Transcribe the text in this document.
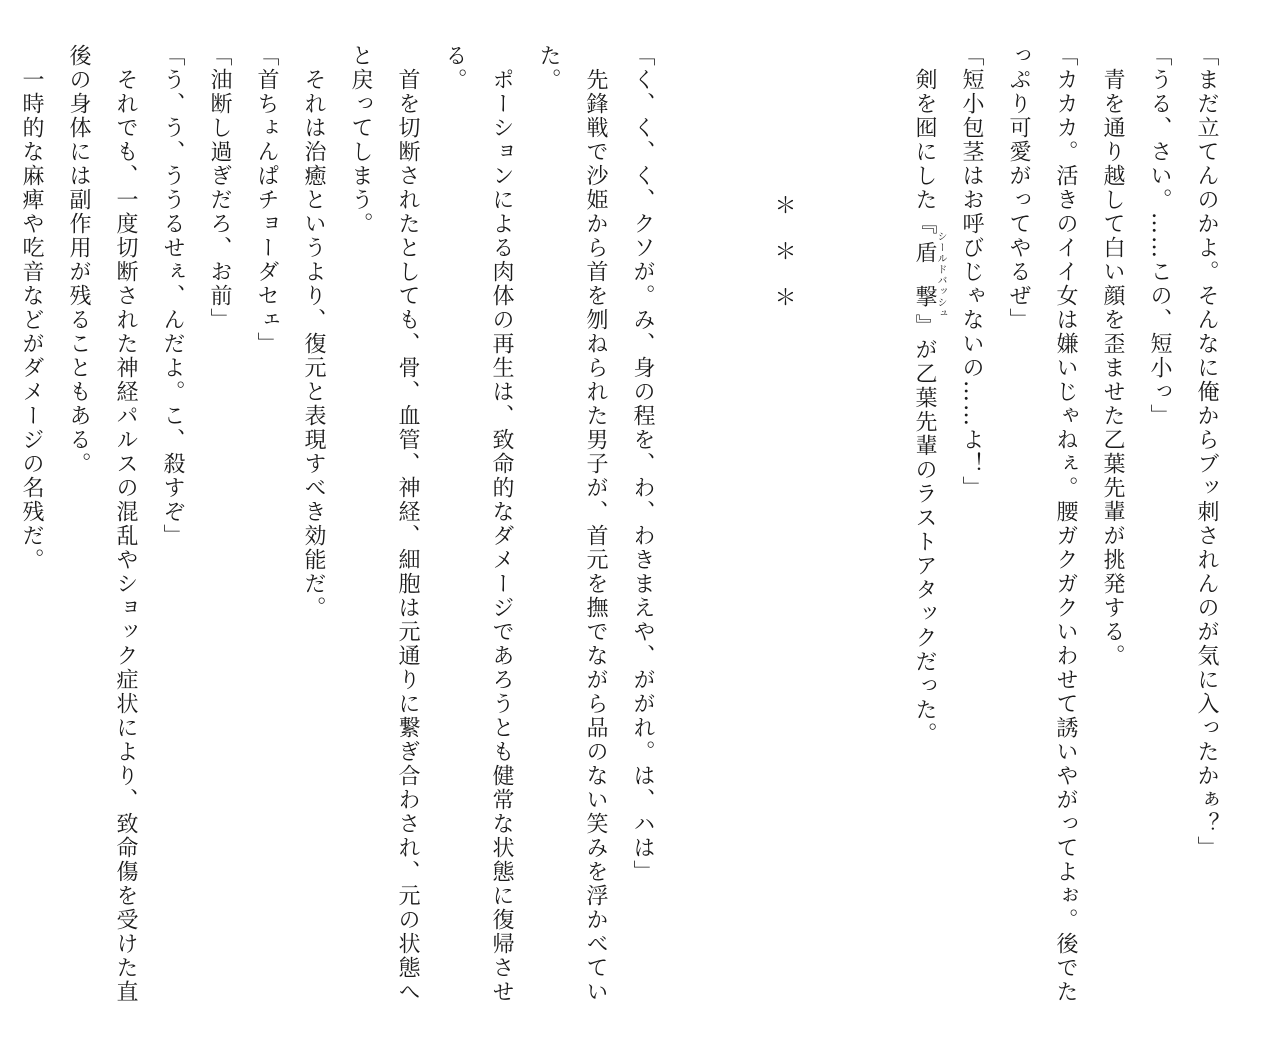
「まだ立てんのかよ。そんなに俺からブッ刺されんのが気に入ったかぁ？」

「うる、さい。……この、短小っ」

　青を通り越して白い顔を歪ませた乙葉先輩が挑発する。

「カカカ。活きのイイ女は嫌いじゃねぇ。腰ガクガクいわせて誘いやがってよぉ。後でたっぷり可愛がってやるぜ」

「短小包茎はお呼びじゃないの……よ！」

　剣を囮にした『盾撃シールドバッシュ』が乙葉先輩のラストアタックだった。

＊＊＊

「く、く、く、クソが。み、身の程を、わ、わきまえや、ががれ。は、ハは」

　先鋒戦で沙姫から首を刎ねられた男子が、首元を撫でながら品のない笑みを浮かべていた。

　ポーションによる肉体の再生は、致命的なダメージであろうとも健常な状態に復帰させる。

　首を切断されたとしても、骨、血管、神経、細胞は元通りに繋ぎ合わされ、元の状態へと戻ってしまう。

　それは治癒というより、復元と表現すべき効能だ。

「首ちょんぱチョーダセェ」

「油断し過ぎだろ、お前」

「う、う、ううるせぇ、んだよ。こ、殺すぞ」

　それでも、一度切断された神経パルスの混乱やショック症状により、致命傷を受けた直後の身体には副作用が残ることもある。

　一時的な麻痺や吃音などがダメージの名残だ。
